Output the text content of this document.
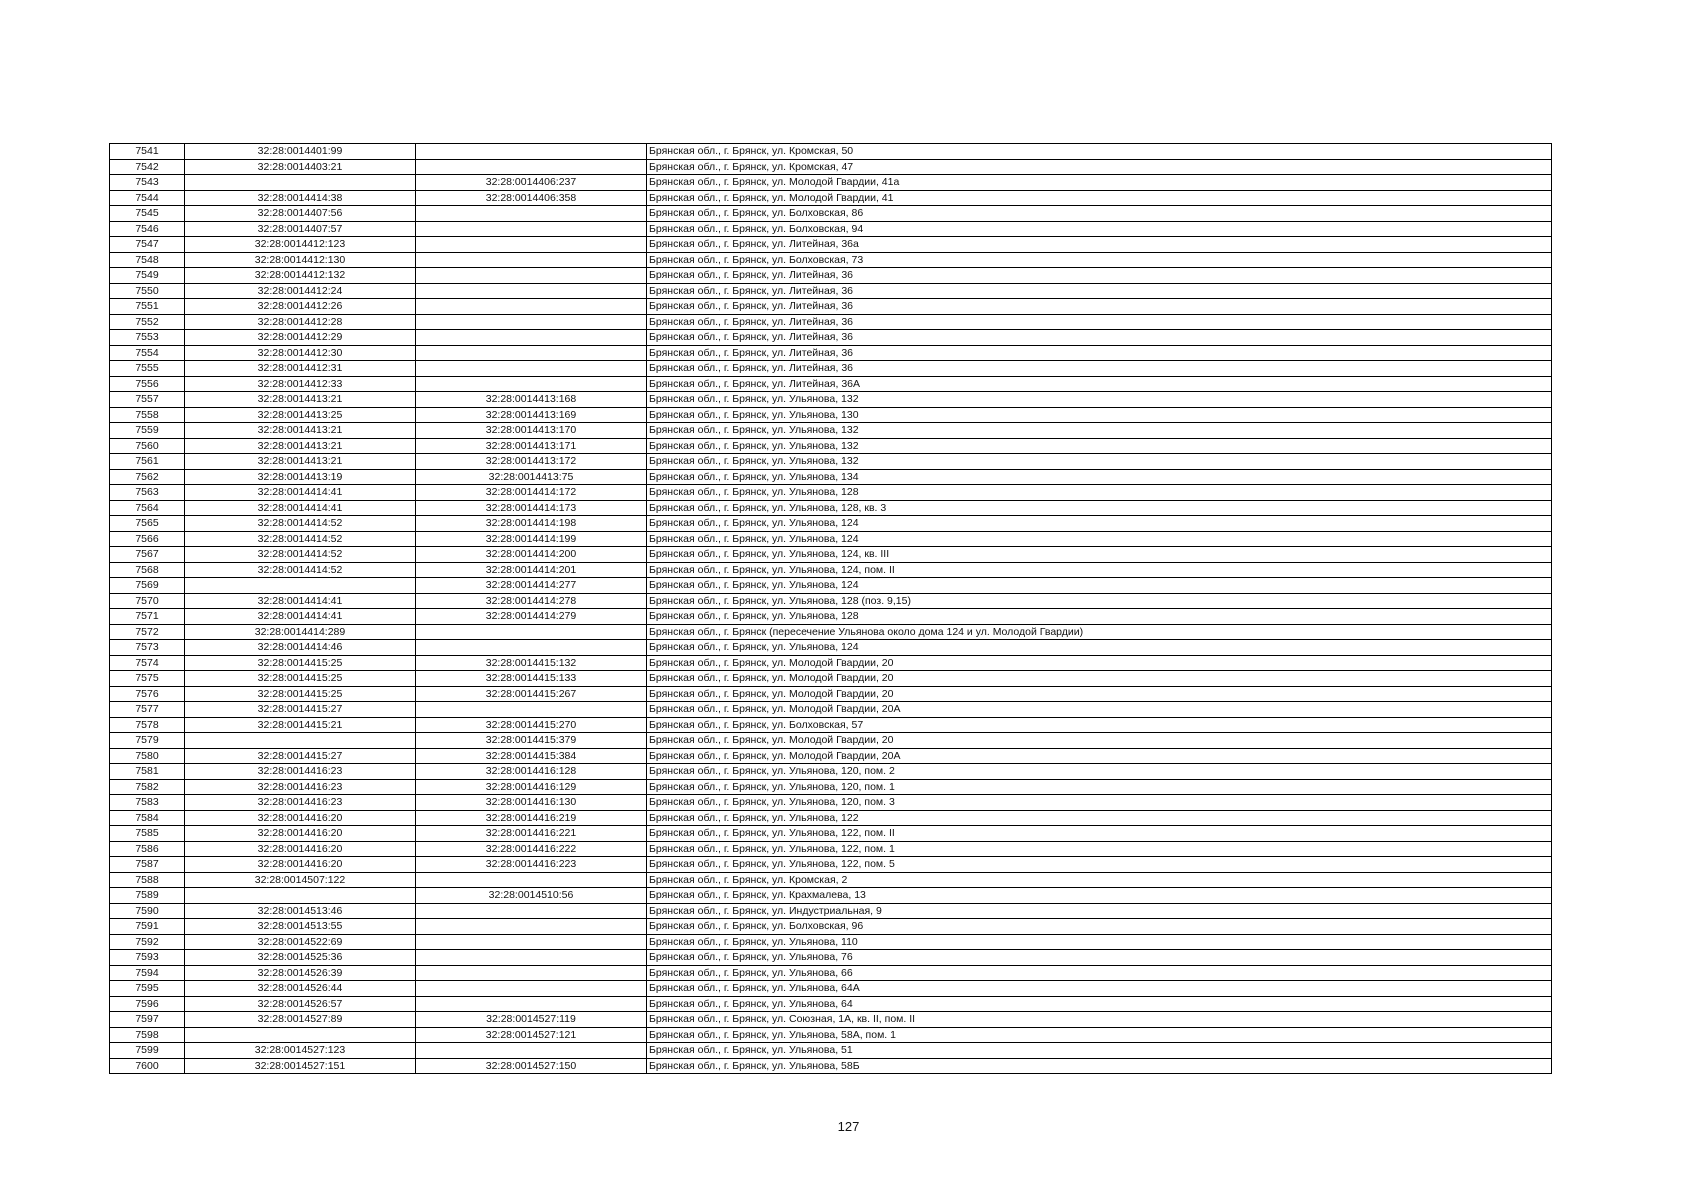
7541	32:28:0014401:99		Брянская обл., г. Брянск, ул. Кромская, 50
7542	32:28:0014403:21		Брянская обл., г. Брянск, ул. Кромская, 47
7543		32:28:0014406:237	Брянская обл., г. Брянск, ул. Молодой Гвардии, 41а
7544	32:28:0014414:38	32:28:0014406:358	Брянская обл., г. Брянск, ул. Молодой Гвардии, 41
7545	32:28:0014407:56		Брянская обл., г. Брянск, ул. Болховская, 86
7546	32:28:0014407:57		Брянская обл., г. Брянск, ул. Болховская, 94
7547	32:28:0014412:123		Брянская обл., г. Брянск, ул. Литейная, 36а
7548	32:28:0014412:130		Брянская обл., г. Брянск, ул. Болховская, 73
7549	32:28:0014412:132		Брянская обл., г. Брянск, ул. Литейная, 36
7550	32:28:0014412:24		Брянская обл., г. Брянск, ул. Литейная, 36
7551	32:28:0014412:26		Брянская обл., г. Брянск, ул. Литейная, 36
7552	32:28:0014412:28		Брянская обл., г. Брянск, ул. Литейная, 36
7553	32:28:0014412:29		Брянская обл., г. Брянск, ул. Литейная, 36
7554	32:28:0014412:30		Брянская обл., г. Брянск, ул. Литейная, 36
7555	32:28:0014412:31		Брянская обл., г. Брянск, ул. Литейная, 36
7556	32:28:0014412:33		Брянская обл., г. Брянск, ул. Литейная, 36А
7557	32:28:0014413:21	32:28:0014413:168	Брянская обл., г. Брянск, ул. Ульянова, 132
7558	32:28:0014413:25	32:28:0014413:169	Брянская обл., г. Брянск, ул. Ульянова, 130
7559	32:28:0014413:21	32:28:0014413:170	Брянская обл., г. Брянск, ул. Ульянова, 132
7560	32:28:0014413:21	32:28:0014413:171	Брянская обл., г. Брянск, ул. Ульянова, 132
7561	32:28:0014413:21	32:28:0014413:172	Брянская обл., г. Брянск, ул. Ульянова, 132
7562	32:28:0014413:19	32:28:0014413:75	Брянская обл., г. Брянск, ул. Ульянова, 134
7563	32:28:0014414:41	32:28:0014414:172	Брянская обл., г. Брянск, ул. Ульянова, 128
7564	32:28:0014414:41	32:28:0014414:173	Брянская обл., г. Брянск, ул. Ульянова, 128, кв. 3
7565	32:28:0014414:52	32:28:0014414:198	Брянская обл., г. Брянск, ул. Ульянова, 124
7566	32:28:0014414:52	32:28:0014414:199	Брянская обл., г. Брянск, ул. Ульянова, 124
7567	32:28:0014414:52	32:28:0014414:200	Брянская обл., г. Брянск, ул. Ульянова, 124, кв. III
7568	32:28:0014414:52	32:28:0014414:201	Брянская обл., г. Брянск, ул. Ульянова, 124, пом. II
7569		32:28:0014414:277	Брянская обл., г. Брянск, ул. Ульянова, 124
7570	32:28:0014414:41	32:28:0014414:278	Брянская обл., г. Брянск, ул. Ульянова, 128 (поз. 9,15)
7571	32:28:0014414:41	32:28:0014414:279	Брянская обл., г. Брянск, ул. Ульянова, 128
7572	32:28:0014414:289		Брянская обл., г. Брянск (пересечение Ульянова около дома 124 и ул. Молодой Гвардии)
7573	32:28:0014414:46		Брянская обл., г. Брянск, ул. Ульянова, 124
7574	32:28:0014415:25	32:28:0014415:132	Брянская обл., г. Брянск, ул. Молодой Гвардии, 20
7575	32:28:0014415:25	32:28:0014415:133	Брянская обл., г. Брянск, ул. Молодой Гвардии, 20
7576	32:28:0014415:25	32:28:0014415:267	Брянская обл., г. Брянск, ул. Молодой Гвардии, 20
7577	32:28:0014415:27		Брянская обл., г. Брянск, ул. Молодой Гвардии, 20А
7578	32:28:0014415:21	32:28:0014415:270	Брянская обл., г. Брянск, ул. Болховская, 57
7579		32:28:0014415:379	Брянская обл., г. Брянск, ул. Молодой Гвардии, 20
7580	32:28:0014415:27	32:28:0014415:384	Брянская обл., г. Брянск, ул. Молодой Гвардии, 20А
7581	32:28:0014416:23	32:28:0014416:128	Брянская обл., г. Брянск, ул. Ульянова, 120, пом. 2
7582	32:28:0014416:23	32:28:0014416:129	Брянская обл., г. Брянск, ул. Ульянова, 120, пом. 1
7583	32:28:0014416:23	32:28:0014416:130	Брянская обл., г. Брянск, ул. Ульянова, 120, пом. 3
7584	32:28:0014416:20	32:28:0014416:219	Брянская обл., г. Брянск, ул. Ульянова, 122
7585	32:28:0014416:20	32:28:0014416:221	Брянская обл., г. Брянск, ул. Ульянова, 122, пом. II
7586	32:28:0014416:20	32:28:0014416:222	Брянская обл., г. Брянск, ул. Ульянова, 122, пом. 1
7587	32:28:0014416:20	32:28:0014416:223	Брянская обл., г. Брянск, ул. Ульянова, 122, пом. 5
7588	32:28:0014507:122		Брянская обл., г. Брянск, ул. Кромская, 2
7589		32:28:0014510:56	Брянская обл., г. Брянск, ул. Крахмалева, 13
7590	32:28:0014513:46		Брянская обл., г. Брянск, ул. Индустриальная, 9
7591	32:28:0014513:55		Брянская обл., г. Брянск, ул. Болховская, 96
7592	32:28:0014522:69		Брянская обл., г. Брянск, ул. Ульянова, 110
7593	32:28:0014525:36		Брянская обл., г. Брянск, ул. Ульянова, 76
7594	32:28:0014526:39		Брянская обл., г. Брянск, ул. Ульянова, 66
7595	32:28:0014526:44		Брянская обл., г. Брянск, ул. Ульянова, 64А
7596	32:28:0014526:57		Брянская обл., г. Брянск, ул. Ульянова, 64
7597	32:28:0014527:89	32:28:0014527:119	Брянская обл., г. Брянск, ул. Союзная, 1А, кв. II, пом. II
7598		32:28:0014527:121	Брянская обл., г. Брянск, ул. Ульянова, 58А, пом. 1
7599	32:28:0014527:123		Брянская обл., г. Брянск, ул. Ульянова, 51
7600	32:28:0014527:151	32:28:0014527:150	Брянская обл., г. Брянск, ул. Ульянова, 58Б
127
